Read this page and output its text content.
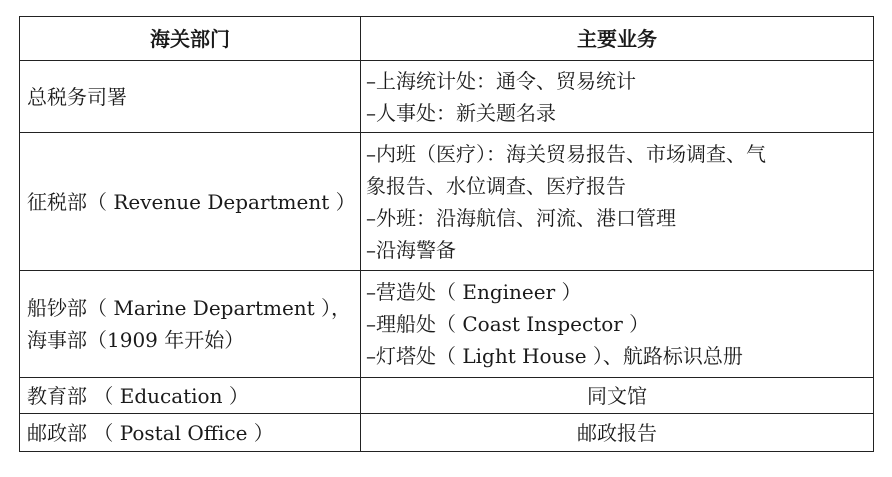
海关部门	主要业务

总税务司署	–上海统计处：通令、贸易统计
–人事处：新关题名录

征税部（ Revenue Department ）	–内班（医疗）：海关贸易报告、市场调查、气
象报告、水位调查、医疗报告
–外班：沿海航信、河流、港口管理
–沿海警备

船钞部（ Marine Department ），
海事部（1909 年开始）	–营造处（ Engineer ）
–理船处（ Coast Inspector ）
–灯塔处（ Light House ）、航路标识总册

教育部 （ Education ）	同文馆

邮政部 （ Postal Office ）	邮政报告
